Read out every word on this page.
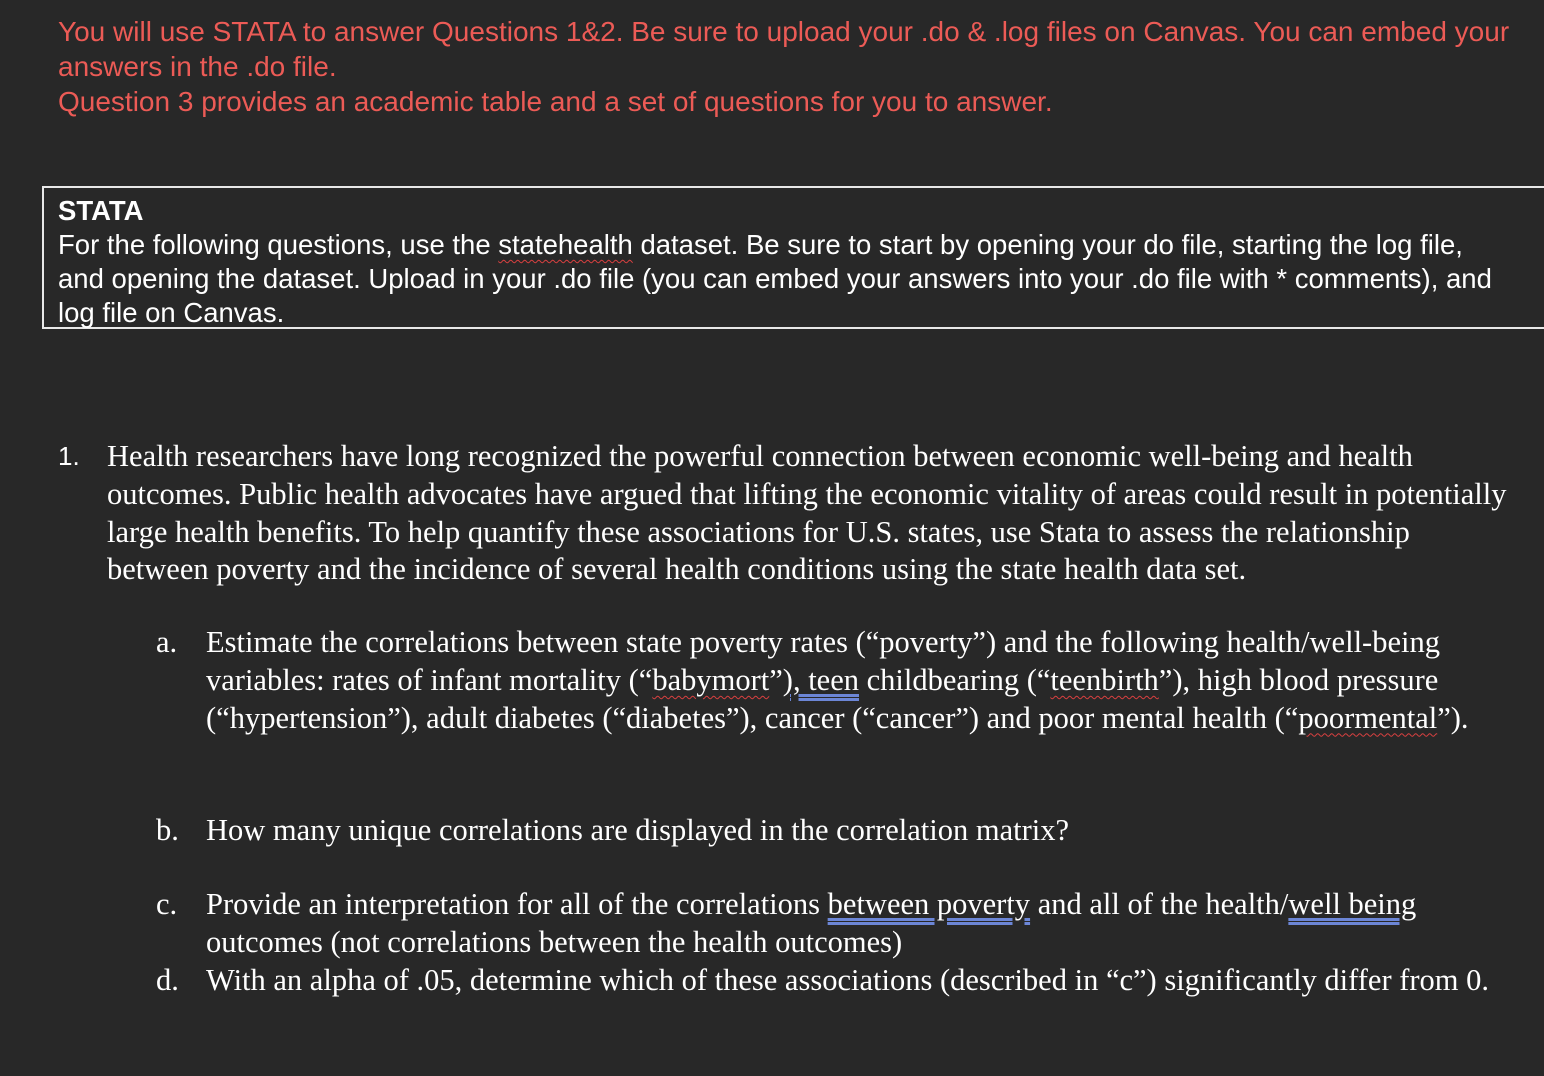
You will use STATA to answer Questions 1&2. Be sure to upload your .do & .log files on Canvas. You can embed your answers in the .do file.

Question 3 provides an academic table and a set of questions for you to answer.

STATA
For the following questions, use the statehealth dataset. Be sure to start by opening your do file, starting the log file, and opening the dataset. Upload in your .do file (you can embed your answers into your .do file with * comments), and log file on Canvas.
1. Health researchers have long recognized the powerful connection between economic well-being and health outcomes. Public health advocates have argued that lifting the economic vitality of areas could result in potentially large health benefits. To help quantify these associations for U.S. states, use Stata to assess the relationship between poverty and the incidence of several health conditions using the state health data set.
a. Estimate the correlations between state poverty rates (“poverty”) and the following health/well-being variables: rates of infant mortality (“babymort”), teen childbearing (“teenbirth”), high blood pressure (“hypertension”), adult diabetes (“diabetes”), cancer (“cancer”) and poor mental health (“poormental”).
b. How many unique correlations are displayed in the correlation matrix?
c. Provide an interpretation for all of the correlations between poverty and all of the health/well being outcomes (not correlations between the health outcomes)
d. With an alpha of .05, determine which of these associations (described in “c”) significantly differ from 0.
